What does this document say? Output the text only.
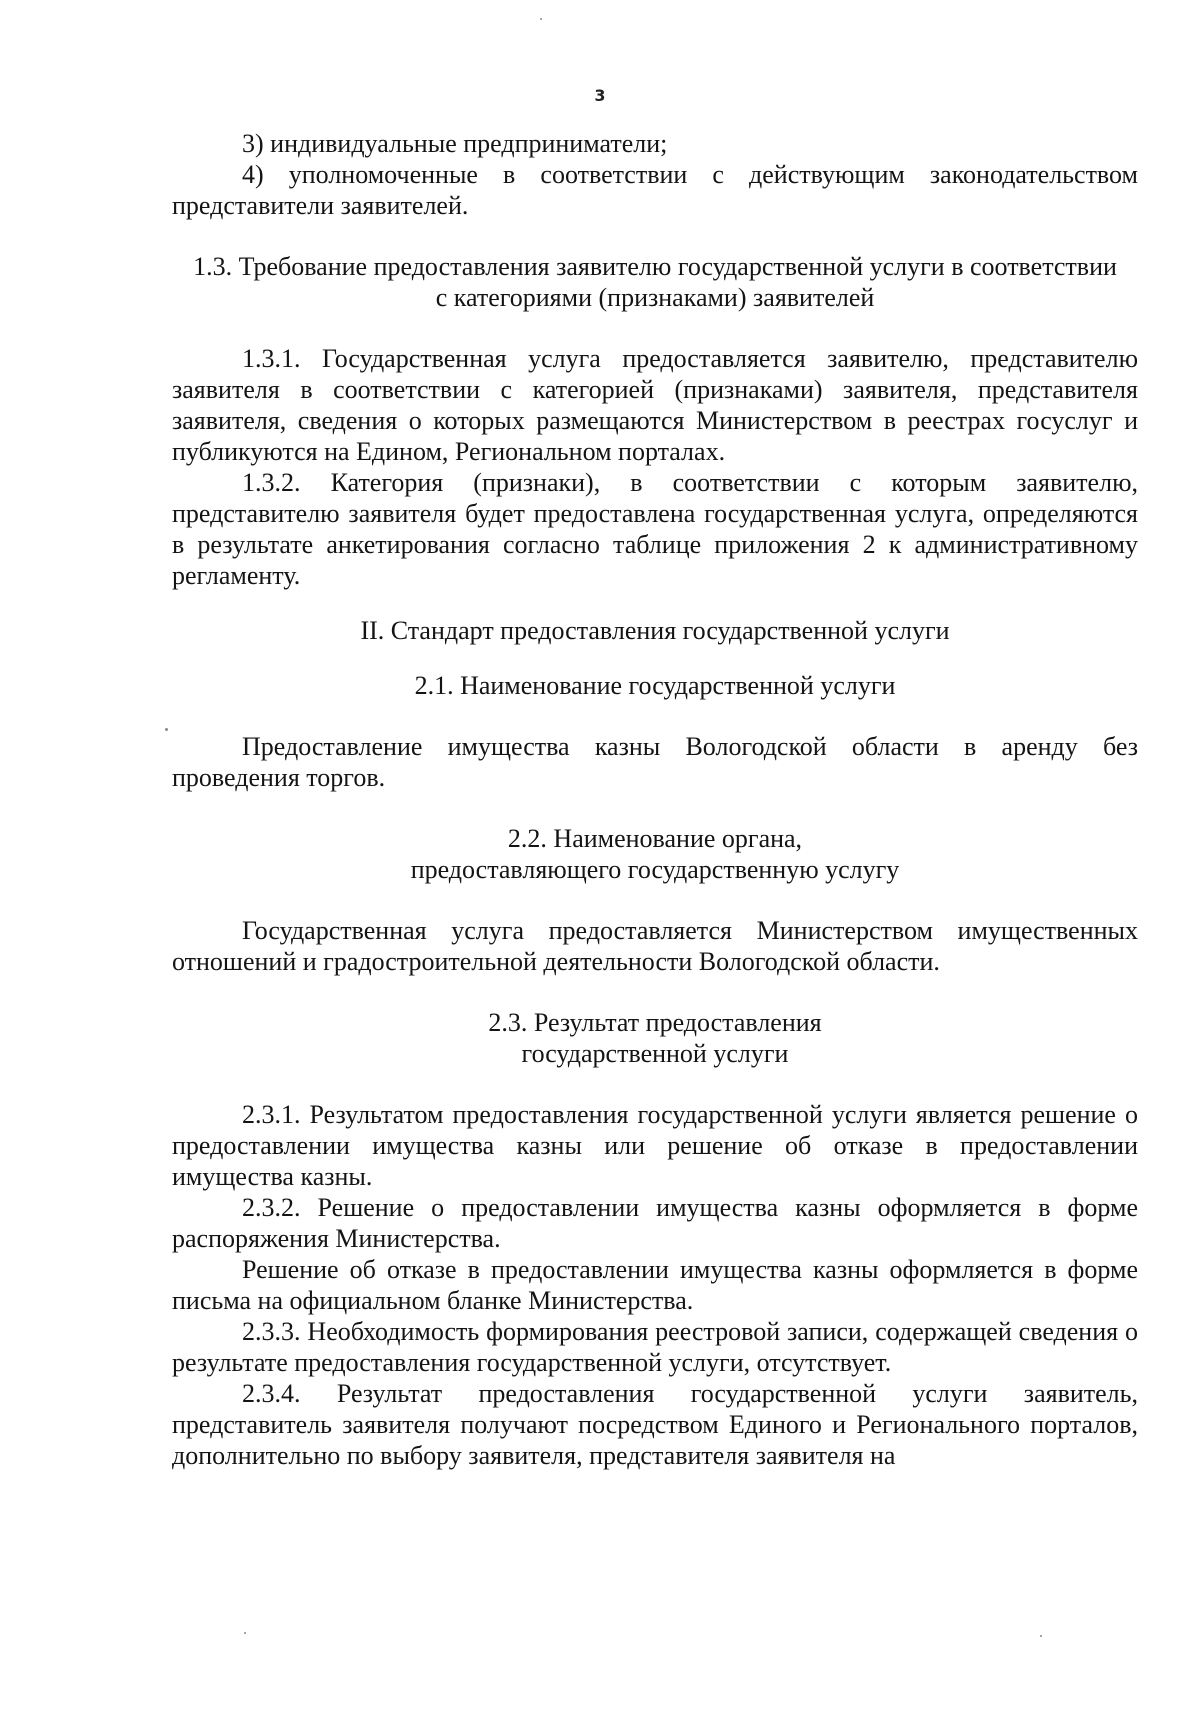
3

3) индивидуальные предприниматели;

4) уполномоченные в соответствии с действующим законодательством представители заявителей.

1.3. Требование предоставления заявителю государственной услуги в соответствии с категориями (признаками) заявителей

1.3.1. Государственная услуга предоставляется заявителю, представителю заявителя в соответствии с категорией (признаками) заявителя, представителя заявителя, сведения о которых размещаются Министерством в реестрах госуслуг и публикуются на Едином, Региональном порталах.

1.3.2. Категория (признаки), в соответствии с которым заявителю, представителю заявителя будет предоставлена государственная услуга, определяются в результате анкетирования согласно таблице приложения 2 к административному регламенту.

II. Стандарт предоставления государственной услуги

2.1. Наименование государственной услуги

Предоставление имущества казны Вологодской области в аренду без проведения торгов.

2.2. Наименование органа,

предоставляющего государственную услугу

Государственная услуга предоставляется Министерством имущественных отношений и градостроительной деятельности Вологодской области.

2.3. Результат предоставления

государственной услуги

2.3.1. Результатом предоставления государственной услуги является решение о предоставлении имущества казны или решение об отказе в предоставлении имущества казны.

2.3.2. Решение о предоставлении имущества казны оформляется в форме распоряжения Министерства.

Решение об отказе в предоставлении имущества казны оформляется в форме письма на официальном бланке Министерства.

2.3.3. Необходимость формирования реестровой записи, содержащей сведения о результате предоставления государственной услуги, отсутствует.

2.3.4. Результат предоставления государственной услуги заявитель, представитель заявителя получают посредством Единого и Регионального порталов, дополнительно по выбору заявителя, представителя заявителя на
